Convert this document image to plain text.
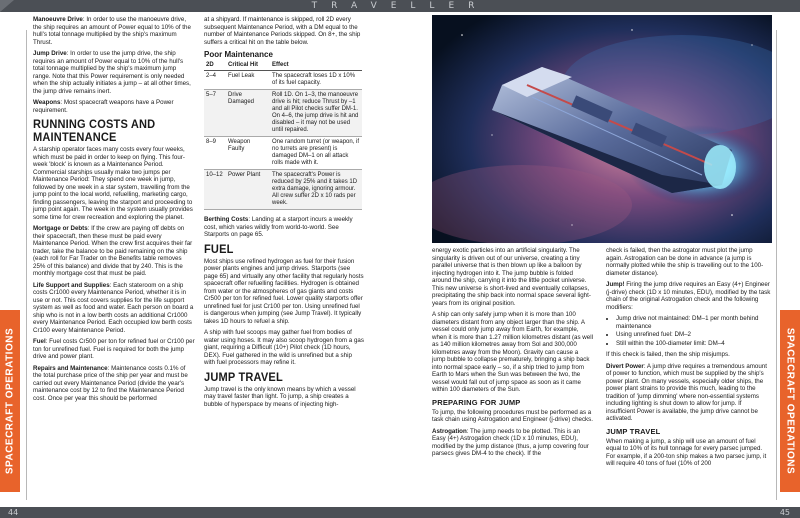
TRAVELLER
SPACECRAFT OPERATIONS	SPACECRAFT OPERATIONS

Manoeuvre Drive: In order to use the manoeuvre drive, the ship requires an amount of Power equal to 10% of the hull's total tonnage multiplied by the ship's maximum Thrust.

Jump Drive: In order to use the jump drive, the ship requires an amount of Power equal to 10% of the hull's total tonnage multiplied by the ship's maximum jump range. Note that this Power requirement is only needed when the ship actually initiates a jump – at all other times, the jump drive remains inert.

Weapons: Most spacecraft weapons have a Power requirement.

RUNNING COSTS AND MAINTENANCE

A starship operator faces many costs every four weeks, which must be paid in order to keep on flying. This four-week 'block' is known as a Maintenance Period. Commercial starships usually make two jumps per Maintenance Period: They spend one week in jump, followed by one week in a star system, travelling from the jump point to the local world, refuelling, marketing cargo, finding passengers, leaving the starport and proceeding to jump point again. The week in the system usually provides some time for crew recreation and exploring the planet.

Mortgage or Debts: If the crew are paying off debts on their spacecraft, then these must be paid every Maintenance Period. When the crew first acquires their far trader, take the balance to be paid remaining on the ship (each roll for Far Trader on the Benefits table removes 25% of this balance) and divide that by 240. This is the monthly mortgage cost that must be paid.

Life Support and Supplies: Each stateroom on a ship costs Cr1000 every Maintenance Period, whether it is in use or not. This cost covers supplies for the life support system as well as food and water. Each person on board a ship who is not in a low berth costs an additional Cr1000 every Maintenance Period. Each occupied low berth costs Cr100 every Maintenance Period.

Fuel: Fuel costs Cr500 per ton for refined fuel or Cr100 per ton for unrefined fuel. Fuel is required for both the jump drive and power plant.

Repairs and Maintenance: Maintenance costs 0.1% of the total purchase price of the ship per year and must be carried out every Maintenance Period (divide the year's maintenance cost by 12 to find the Maintenance Period cost. Once per year this should be performed

at a shipyard. If maintenance is skipped, roll 2D every subsequent Maintenance Period, with a DM equal to the number of Maintenance Periods skipped. On 8+, the ship suffers a critical hit on the table below.

Poor Maintenance
2D	Critical Hit	Effect
2–4	Fuel Leak	The spacecraft loses 1D x 10% of its fuel capacity.
5–7	Drive Damaged	Roll 1D. On 1–3, the manoeuvre drive is hit; reduce Thrust by –1 and all Pilot checks suffer DM-1. On 4–6, the jump drive is hit and disabled – it may not be used until repaired.
8–9	Weapon Faulty	One random turret (or weapon, if no turrets are present) is damaged DM–1 on all attack rolls made with it.
10–12	Power Plant	The spacecraft's Power is reduced by 25% and it takes 1D extra damage, ignoring armour. All crew suffer 2D x 10 rads per week.

Berthing Costs: Landing at a starport incurs a weekly cost, which varies wildly from world-to-world. See Starports on page 65.

FUEL

Most ships use refined hydrogen as fuel for their fusion power plants engines and jump drives. Starports (see page 65) and virtually any other facility that regularly hosts spacecraft offer refuelling facilities. Hydrogen is obtained from water or the atmospheres of gas giants and costs Cr500 per ton for refined fuel. Lower quality starports offer unrefined fuel for just Cr100 per ton. Using unrefined fuel is dangerous when jumping (see Jump Travel). It typically takes 1D hours to refuel a ship.

A ship with fuel scoops may gather fuel from bodies of water using hoses. It may also scoop hydrogen from a gas giant, requiring a Difficult (10+) Pilot check (1D hours, DEX). Fuel gathered in the wild is unrefined but a ship with fuel processors may refine it.

JUMP TRAVEL

Jump travel is the only known means by which a vessel may travel faster than light. To jump, a ship creates a bubble of hyperspace by means of injecting high-

energy exotic particles into an artificial singularity. The singularity is driven out of our universe, creating a tiny parallel universe that is then blown up like a balloon by injecting hydrogen into it. The jump bubble is folded around the ship, carrying it into the little pocket universe. This new universe is short-lived and eventually collapses, precipitating the ship back into normal space several light-years from its original position.

A ship can only safely jump when it is more than 100 diameters distant from any object larger than the ship. A vessel could only jump away from Earth, for example, when it is more than 1.27 million kilometres distant (as well as 140 million kilometres away from Sol and 300,000 kilometres away from the Moon). Gravity can cause a jump bubble to collapse prematurely, bringing a ship back into normal space early – so, if a ship tried to jump from Earth to Mars when the Sun was between the two, the vessel would fall out of jump space as soon as it came within 100 diameters of the Sun.

PREPARING FOR JUMP

To jump, the following procedures must be performed as a task chain using Astrogation and Engineer (j-drive) checks.

Astrogation: The jump needs to be plotted. This is an Easy (4+) Astrogation check (1D x 10 minutes, EDU), modified by the jump distance (thus, a jump covering four parsecs gives DM-4 to the check). If the

check is failed, then the astrogator must plot the jump again. Astrogation can be done in advance (a jump is normally plotted while the ship is travelling out to the 100-diameter distance).

Jump! Firing the jump drive requires an Easy (4+) Engineer (j-drive) check (1D x 10 minutes, EDU), modified by the task chain of the original Astrogation check and the following modifiers:

• Jump drive not maintained: DM–1 per month behind maintenance
• Using unrefined fuel: DM–2
• Still within the 100-diameter limit: DM–4

If this check is failed, then the ship misjumps.

Divert Power: A jump drive requires a tremendous amount of power to function, which must be supplied by the ship's power plant. On many vessels, especially older ships, the power plant strains to provide this much, leading to the tradition of 'jump dimming' where non-essential systems including lighting is shut down to allow for jump. If insufficient Power is available, the jump drive cannot be activated.

JUMP TRAVEL

When making a jump, a ship will use an amount of fuel equal to 10% of its hull tonnage for every parsec jumped. For example, if a 200-ton ship makes a two parsec jump, it will require 40 tons of fuel (10% of 200

44	45
